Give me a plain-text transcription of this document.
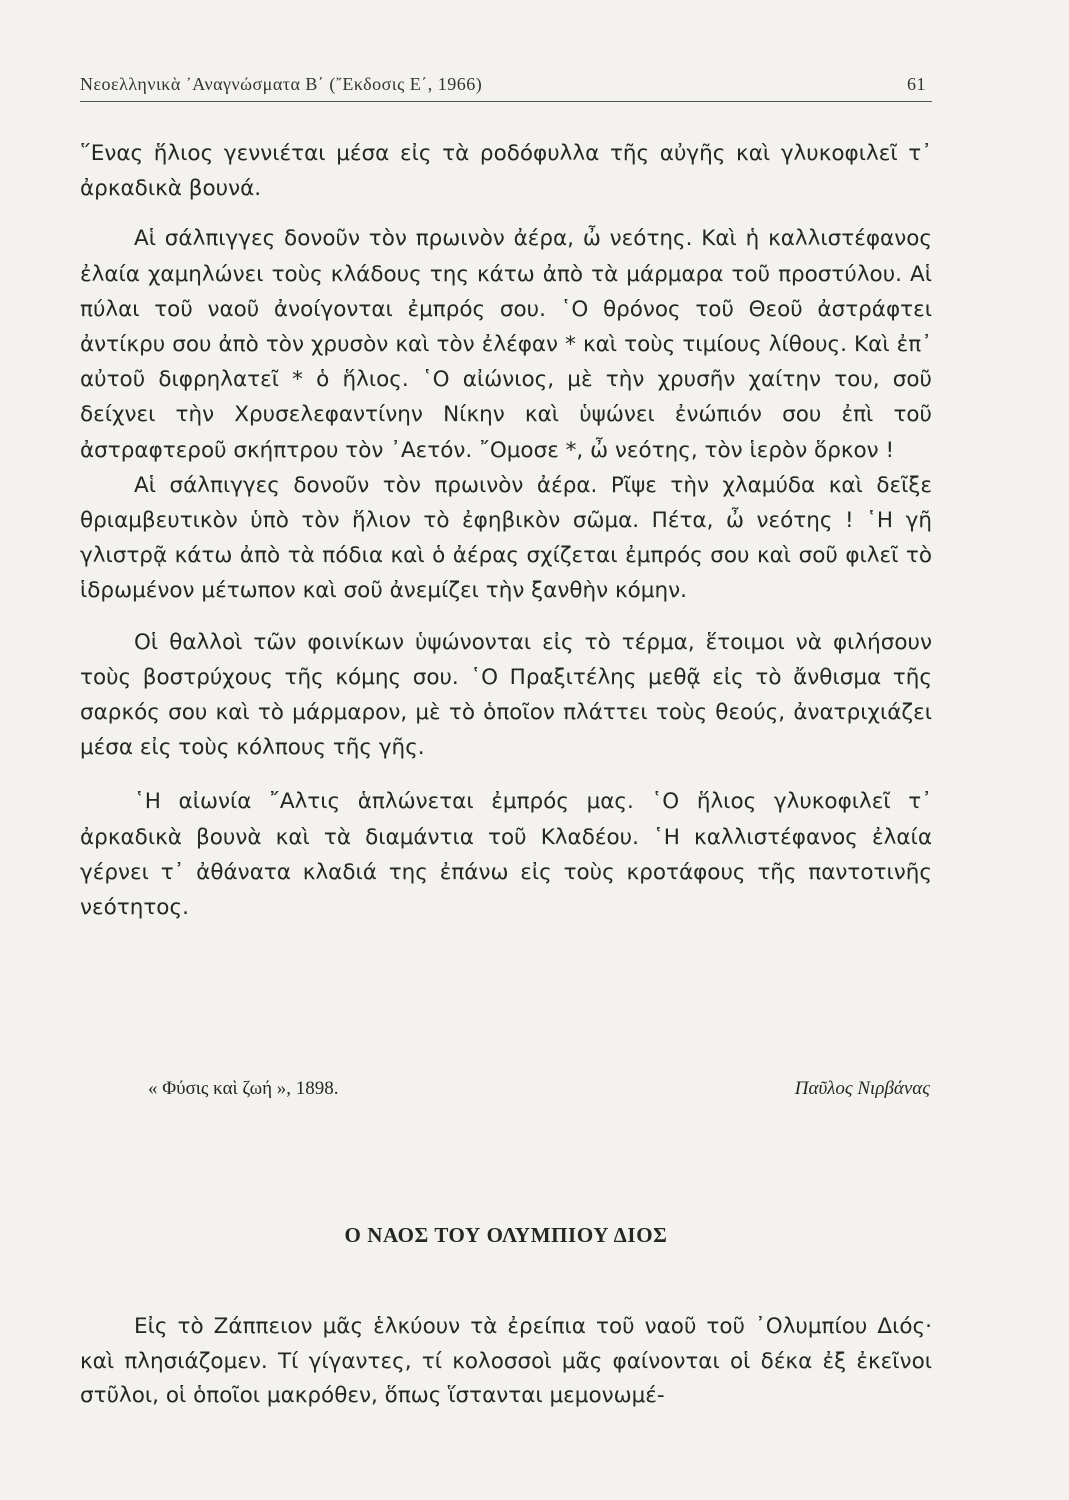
Νεοελληνικὰ ᾿Αναγνώσματα Β΄ (῎Εκδοσις Ε΄, 1966)	61

῞Ενας ἥλιος γεννιέται μέσα εἰς τὰ ροδόφυλλα τῆς αὐγῆς καὶ γλυκοφιλεῖ τ᾿ ἀρκαδικὰ βουνά.

Αἱ σάλπιγγες δονοῦν τὸν πρωινὸν ἀέρα, ὦ νεότης. Καὶ ἡ καλλιστέφανος ἐλαία χαμηλώνει τοὺς κλάδους της κάτω ἀπὸ τὰ μάρμαρα τοῦ προστύλου. Αἱ πύλαι τοῦ ναοῦ ἀνοίγονται ἐμπρός σου. ῾Ο θρόνος τοῦ Θεοῦ ἀστράφτει ἀντίκρυ σου ἀπὸ τὸν χρυσὸν καὶ τὸν ἐλέφαν * καὶ τοὺς τιμίους λίθους. Καὶ ἐπ᾿ αὐτοῦ διφρηλατεῖ * ὁ ἥλιος. ῾Ο αἰώνιος, μὲ τὴν χρυσῆν χαίτην του, σοῦ δείχνει τὴν Χρυσελεφαντίνην Νίκην καὶ ὑψώνει ἐνώπιόν σου ἐπὶ τοῦ ἀστραφτεροῦ σκήπτρου τὸν ᾿Αετόν. ῎Ομοσε *, ὦ νεότης, τὸν ἱερὸν ὅρκον !

Αἱ σάλπιγγες δονοῦν τὸν πρωινὸν ἀέρα. Ρῖψε τὴν χλαμύδα καὶ δεῖξε θριαμβευτικὸν ὑπὸ τὸν ἥλιον τὸ ἐφηβικὸν σῶμα. Πέτα, ὦ νεότης ! ῾Η γῆ γλιστρᾷ κάτω ἀπὸ τὰ πόδια καὶ ὁ ἀέρας σχίζεται ἐμπρός σου καὶ σοῦ φιλεῖ τὸ ἱδρωμένον μέτωπον καὶ σοῦ ἀνεμίζει τὴν ξανθὴν κόμην.

Οἱ θαλλοὶ τῶν φοινίκων ὑψώνονται εἰς τὸ τέρμα, ἕτοιμοι νὰ φιλήσουν τοὺς βοστρύχους τῆς κόμης σου. ῾Ο Πραξιτέλης μεθᾷ εἰς τὸ ἄνθισμα τῆς σαρκός σου καὶ τὸ μάρμαρον, μὲ τὸ ὁποῖον πλάττει τοὺς θεούς, ἀνατριχιάζει μέσα εἰς τοὺς κόλπους τῆς γῆς.

῾Η αἰωνία ῎Αλτις ἁπλώνεται ἐμπρός μας. ῾Ο ἥλιος γλυκοφιλεῖ τ᾿ ἀρκαδικὰ βουνὰ καὶ τὰ διαμάντια τοῦ Κλαδέου. ῾Η καλλιστέφανος ἐλαία γέρνει τ᾿ ἀθάνατα κλαδιά της ἐπάνω εἰς τοὺς κροτάφους τῆς παντοτινῆς νεότητος.

« Φύσις καὶ ζωή », 1898.	Παῦλος Νιρβάνας
Ο ΝΑΟΣ ΤΟΥ ΟΛΥΜΠΙΟΥ ΔΙΟΣ

Εἰς τὸ Ζάππειον μᾶς ἑλκύουν τὰ ἐρείπια τοῦ ναοῦ τοῦ ᾿Ολυμπίου Διός· καὶ πλησιάζομεν. Τί γίγαντες, τί κολοσσοὶ μᾶς φαίνονται οἱ δέκα ἐξ ἐκεῖνοι στῦλοι, οἱ ὁποῖοι μακρόθεν, ὅπως ἵστανται μεμονωμέ-
